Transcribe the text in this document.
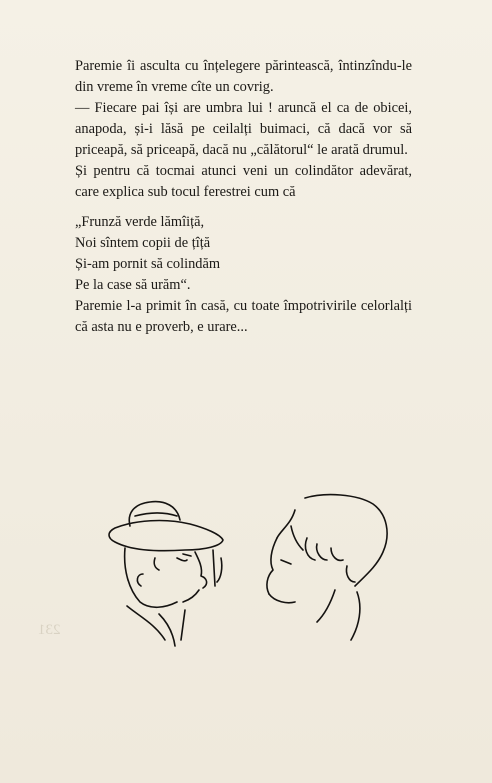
231

Paremie îi asculta cu înțelegere părintească, întinzîndu-le din vreme în vreme cîte un covrig.

— Fiecare pai își are umbra lui ! aruncă el ca de obicei, anapoda, și-i lăsă pe ceilalți buimaci, că dacă vor să priceapă, să priceapă, dacă nu „călătorul“ le arată drumul.

Și pentru că tocmai atunci veni un colindător adevărat, care explica sub tocul ferestrei cum că

„Frunză verde lămîiță,
Noi sîntem copii de țîță
Și-am pornit să colindăm
Pe la case să urăm“.

Paremie l-a primit în casă, cu toate împotrivirile celorlalți că asta nu e proverb, e urare...
